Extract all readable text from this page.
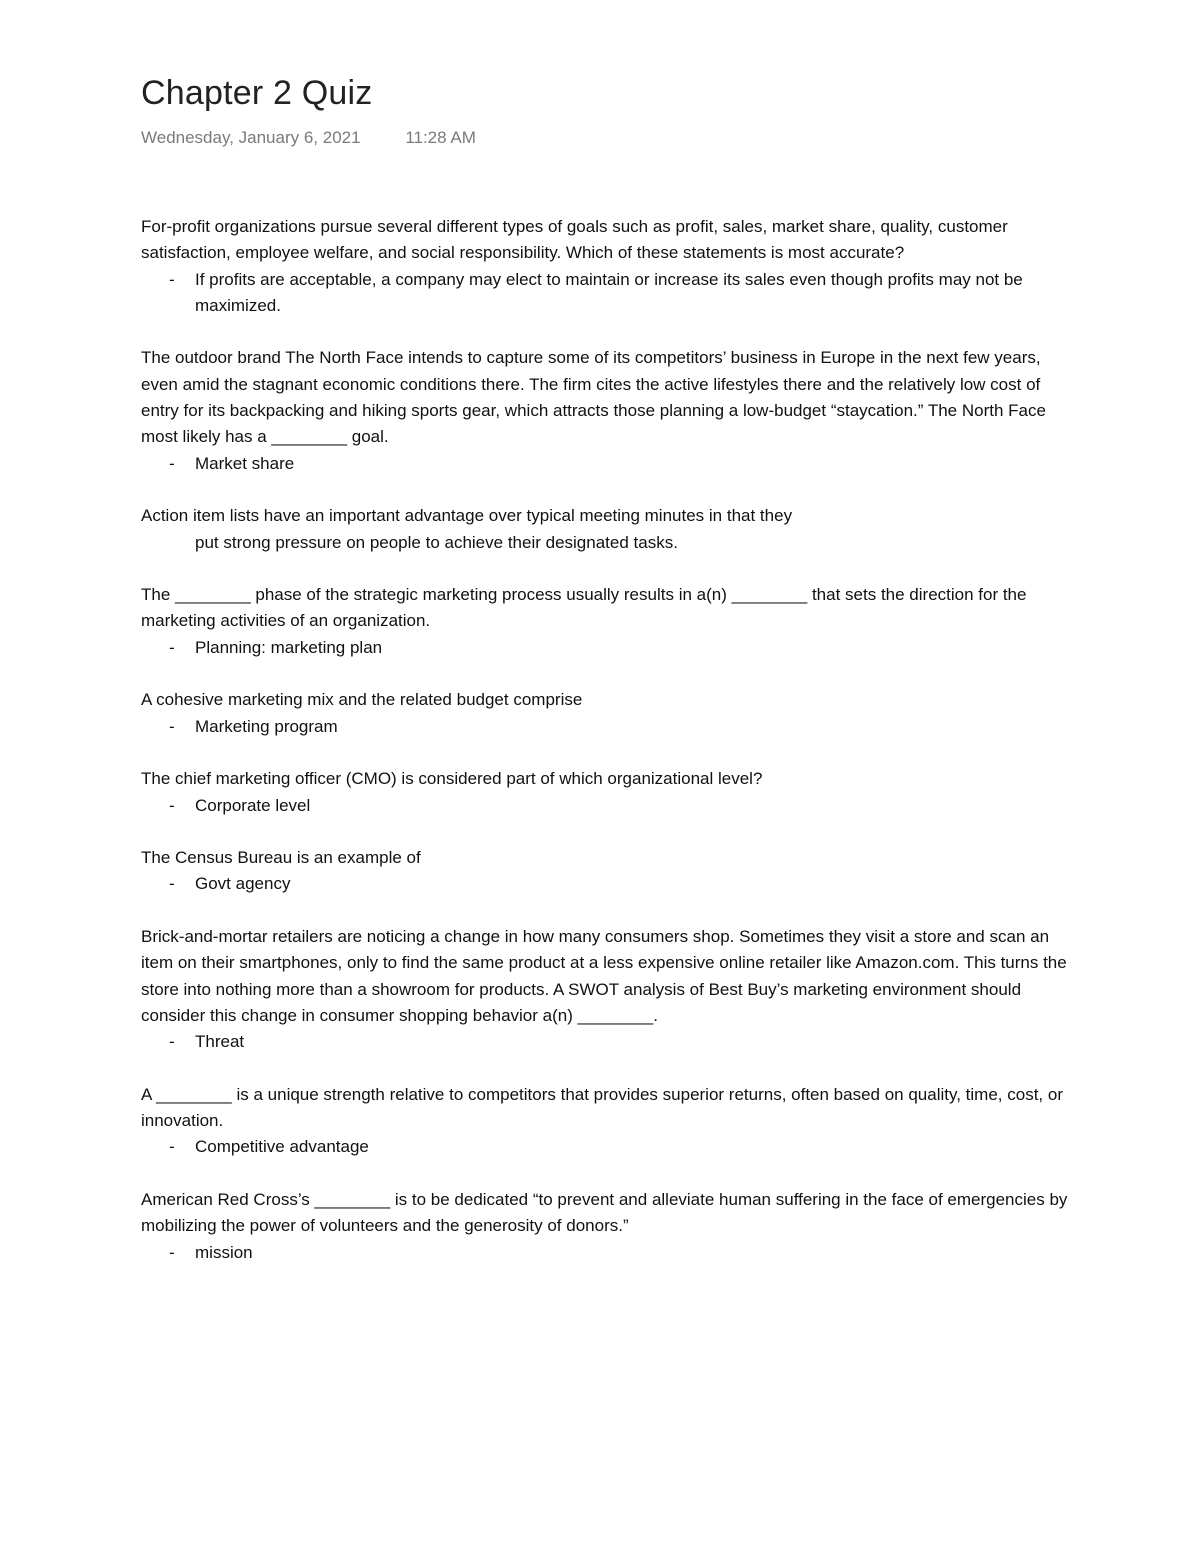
Chapter 2 Quiz
Wednesday, January 6, 2021	11:28 AM

For-profit organizations pursue several different types of goals such as profit, sales, market share, quality, customer satisfaction, employee welfare, and social responsibility. Which of these statements is most accurate?

- If profits are acceptable, a company may elect to maintain or increase its sales even though profits may not be maximized.

The outdoor brand The North Face intends to capture some of its competitors’ business in Europe in the next few years, even amid the stagnant economic conditions there. The firm cites the active lifestyles there and the relatively low cost of entry for its backpacking and hiking sports gear, which attracts those planning a low-budget “staycation.” The North Face most likely has a ________ goal.

- Market share

Action item lists have an important advantage over typical meeting minutes in that they

put strong pressure on people to achieve their designated tasks.

The ________ phase of the strategic marketing process usually results in a(n) ________ that sets the direction for the marketing activities of an organization.

- Planning: marketing plan

A cohesive marketing mix and the related budget comprise

- Marketing program

The chief marketing officer (CMO) is considered part of which organizational level?

- Corporate level

The Census Bureau is an example of

- Govt agency

Brick-and-mortar retailers are noticing a change in how many consumers shop. Sometimes they visit a store and scan an item on their smartphones, only to find the same product at a less expensive online retailer like Amazon.com. This turns the store into nothing more than a showroom for products. A SWOT analysis of Best Buy’s marketing environment should consider this change in consumer shopping behavior a(n) ________.

- Threat

A ________ is a unique strength relative to competitors that provides superior returns, often based on quality, time, cost, or innovation.

- Competitive advantage

American Red Cross’s ________ is to be dedicated “to prevent and alleviate human suffering in the face of emergencies by mobilizing the power of volunteers and the generosity of donors.”

- mission
